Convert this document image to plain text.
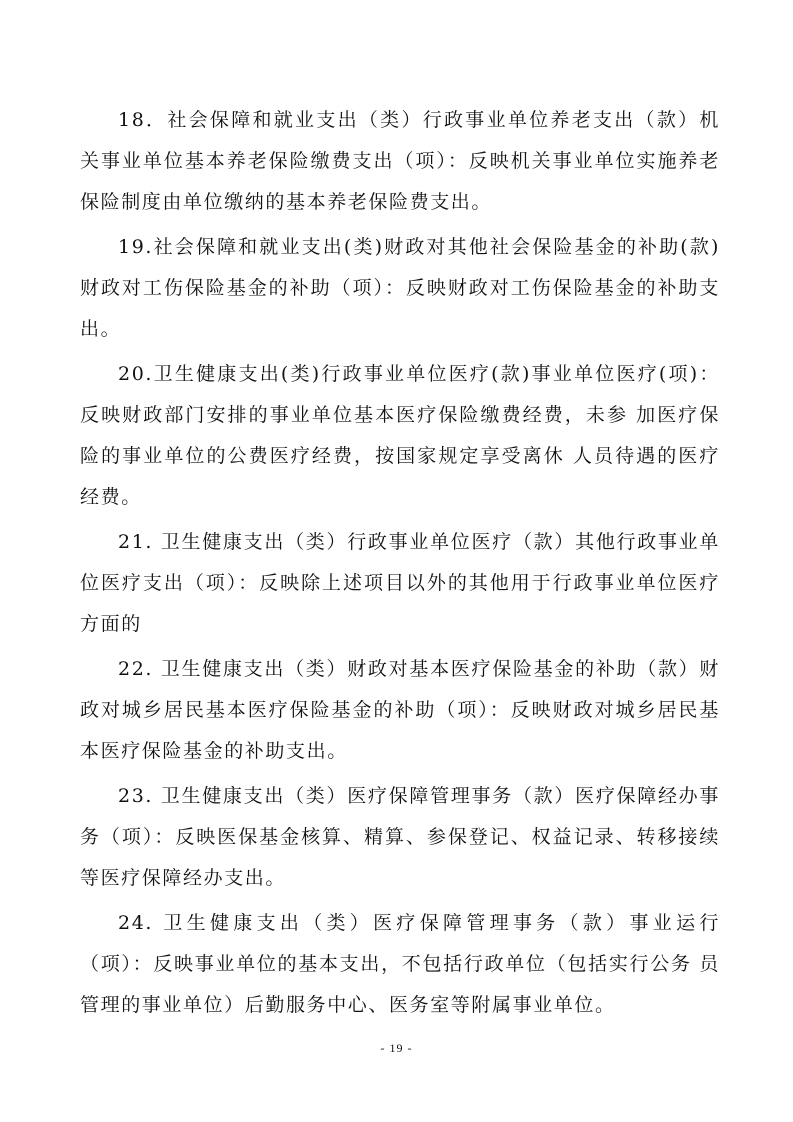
18．社会保障和就业支出（类）行政事业单位养老支出（款）机关事业单位基本养老保险缴费支出（项）：反映机关事业单位实施养老保险制度由单位缴纳的基本养老保险费支出。

19.社会保障和就业支出(类)财政对其他社会保险基金的补助(款)财政对工伤保险基金的补助（项）：反映财政对工伤保险基金的补助支出。

20.卫生健康支出(类)行政事业单位医疗(款)事业单位医疗(项)：反映财政部门安排的事业单位基本医疗保险缴费经费，未参 加医疗保险的事业单位的公费医疗经费，按国家规定享受离休 人员待遇的医疗经费。

21. 卫生健康支出（类）行政事业单位医疗（款）其他行政事业单位医疗支出（项）：反映除上述项目以外的其他用于行政事业单位医疗方面的

22. 卫生健康支出（类）财政对基本医疗保险基金的补助（款）财政对城乡居民基本医疗保险基金的补助（项）：反映财政对城乡居民基本医疗保险基金的补助支出。

23. 卫生健康支出（类）医疗保障管理事务（款）医疗保障经办事务（项）：反映医保基金核算、精算、参保登记、权益记录、转移接续等医疗保障经办支出。

24. 卫生健康支出（类）医疗保障管理事务（款）事业运行（项）：反映事业单位的基本支出，不包括行政单位（包括实行公务 员管理的事业单位）后勤服务中心、医务室等附属事业单位。

- 19 -
